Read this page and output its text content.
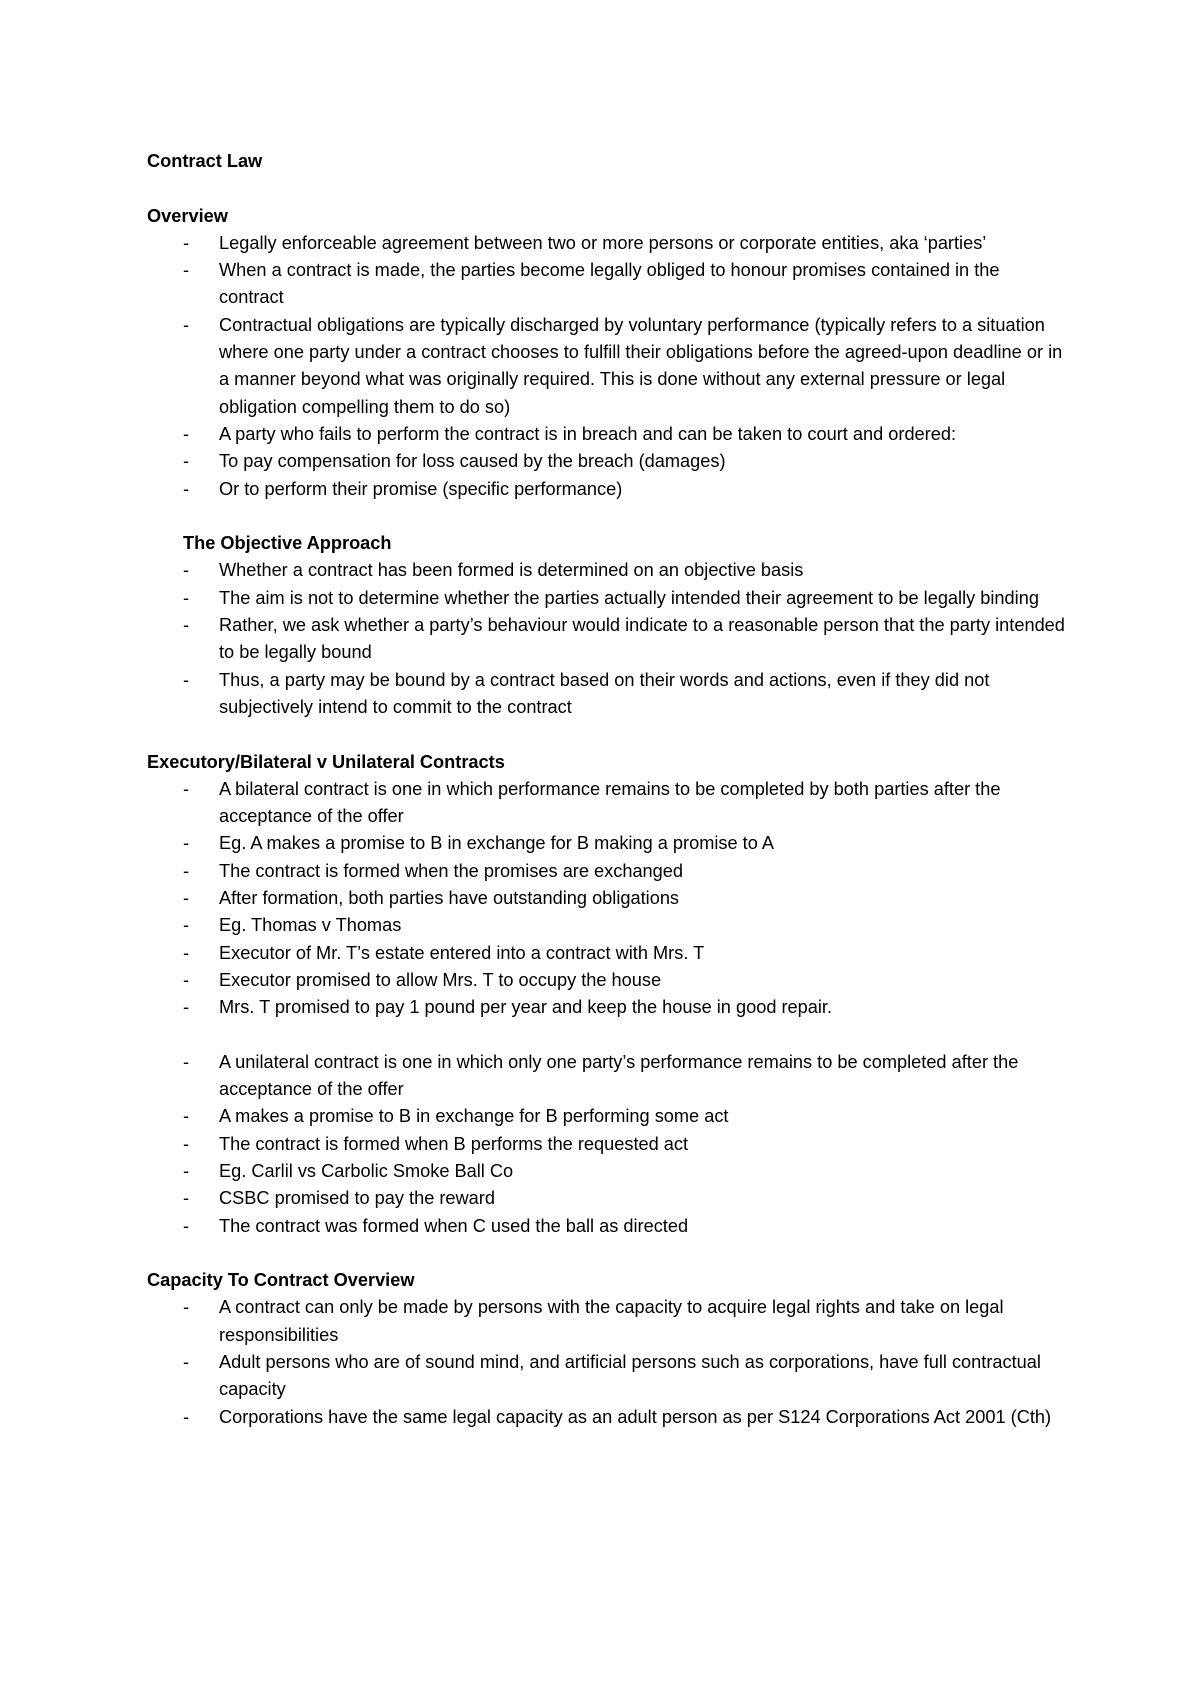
Contract Law
Overview
- Legally enforceable agreement between two or more persons or corporate entities, aka ‘parties’
- When a contract is made, the parties become legally obliged to honour promises contained in the contract
- Contractual obligations are typically discharged by voluntary performance (typically refers to a situation where one party under a contract chooses to fulfill their obligations before the agreed-upon deadline or in a manner beyond what was originally required. This is done without any external pressure or legal obligation compelling them to do so)
- A party who fails to perform the contract is in breach and can be taken to court and ordered:
- To pay compensation for loss caused by the breach (damages)
- Or to perform their promise (specific performance)
The Objective Approach
- Whether a contract has been formed is determined on an objective basis
- The aim is not to determine whether the parties actually intended their agreement to be legally binding
- Rather, we ask whether a party’s behaviour would indicate to a reasonable person that the party intended to be legally bound
- Thus, a party may be bound by a contract based on their words and actions, even if they did not subjectively intend to commit to the contract
Executory/Bilateral v Unilateral Contracts
- A bilateral contract is one in which performance remains to be completed by both parties after the acceptance of the offer
- Eg. A makes a promise to B in exchange for B making a promise to A
- The contract is formed when the promises are exchanged
- After formation, both parties have outstanding obligations
- Eg. Thomas v Thomas
- Executor of Mr. T’s estate entered into a contract with Mrs. T
- Executor promised to allow Mrs. T to occupy the house
- Mrs. T promised to pay 1 pound per year and keep the house in good repair.
- A unilateral contract is one in which only one party’s performance remains to be completed after the acceptance of the offer
- A makes a promise to B in exchange for B performing some act
- The contract is formed when B performs the requested act
- Eg. Carlil vs Carbolic Smoke Ball Co
- CSBC promised to pay the reward
- The contract was formed when C used the ball as directed
Capacity To Contract Overview
- A contract can only be made by persons with the capacity to acquire legal rights and take on legal responsibilities
- Adult persons who are of sound mind, and artificial persons such as corporations, have full contractual capacity
- Corporations have the same legal capacity as an adult person as per S124 Corporations Act 2001 (Cth)
